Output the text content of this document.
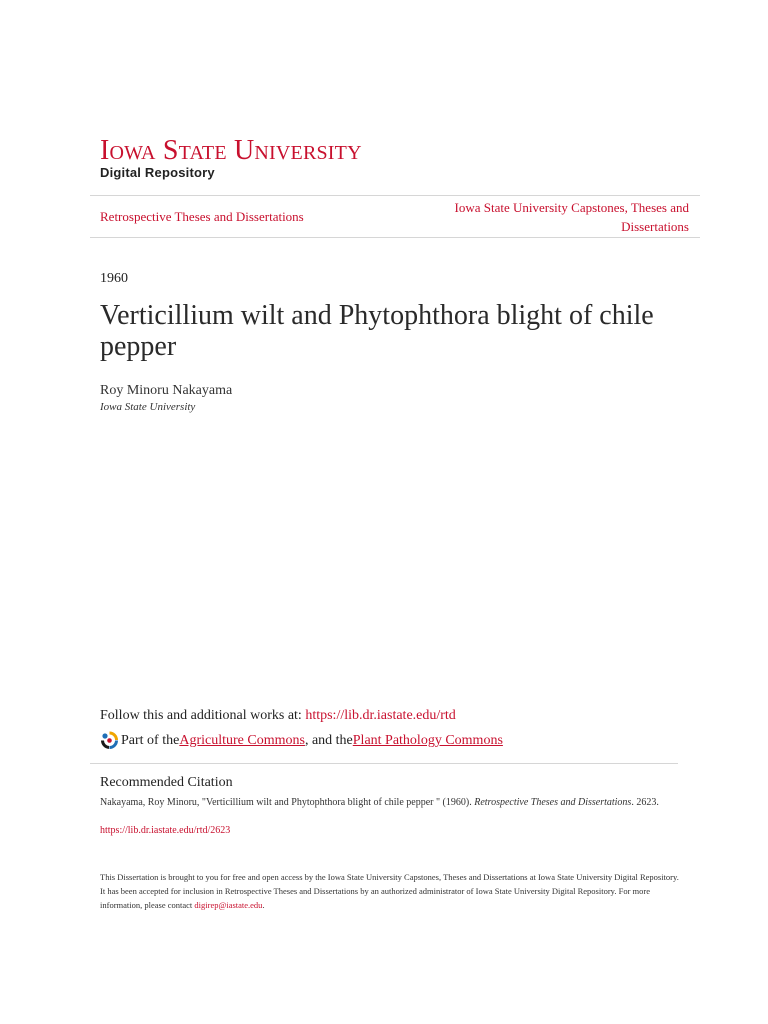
Iowa State University
Digital Repository
Retrospective Theses and Dissertations
Iowa State University Capstones, Theses and Dissertations
1960
Verticillium wilt and Phytophthora blight of chile pepper
Roy Minoru Nakayama
Iowa State University
Follow this and additional works at: https://lib.dr.iastate.edu/rtd
Part of the Agriculture Commons , and the Plant Pathology Commons
Recommended Citation
Nakayama, Roy Minoru, "Verticillium wilt and Phytophthora blight of chile pepper " (1960). Retrospective Theses and Dissertations. 2623.
https://lib.dr.iastate.edu/rtd/2623
This Dissertation is brought to you for free and open access by the Iowa State University Capstones, Theses and Dissertations at Iowa State University Digital Repository. It has been accepted for inclusion in Retrospective Theses and Dissertations by an authorized administrator of Iowa State University Digital Repository. For more information, please contact digirep@iastate.edu.
